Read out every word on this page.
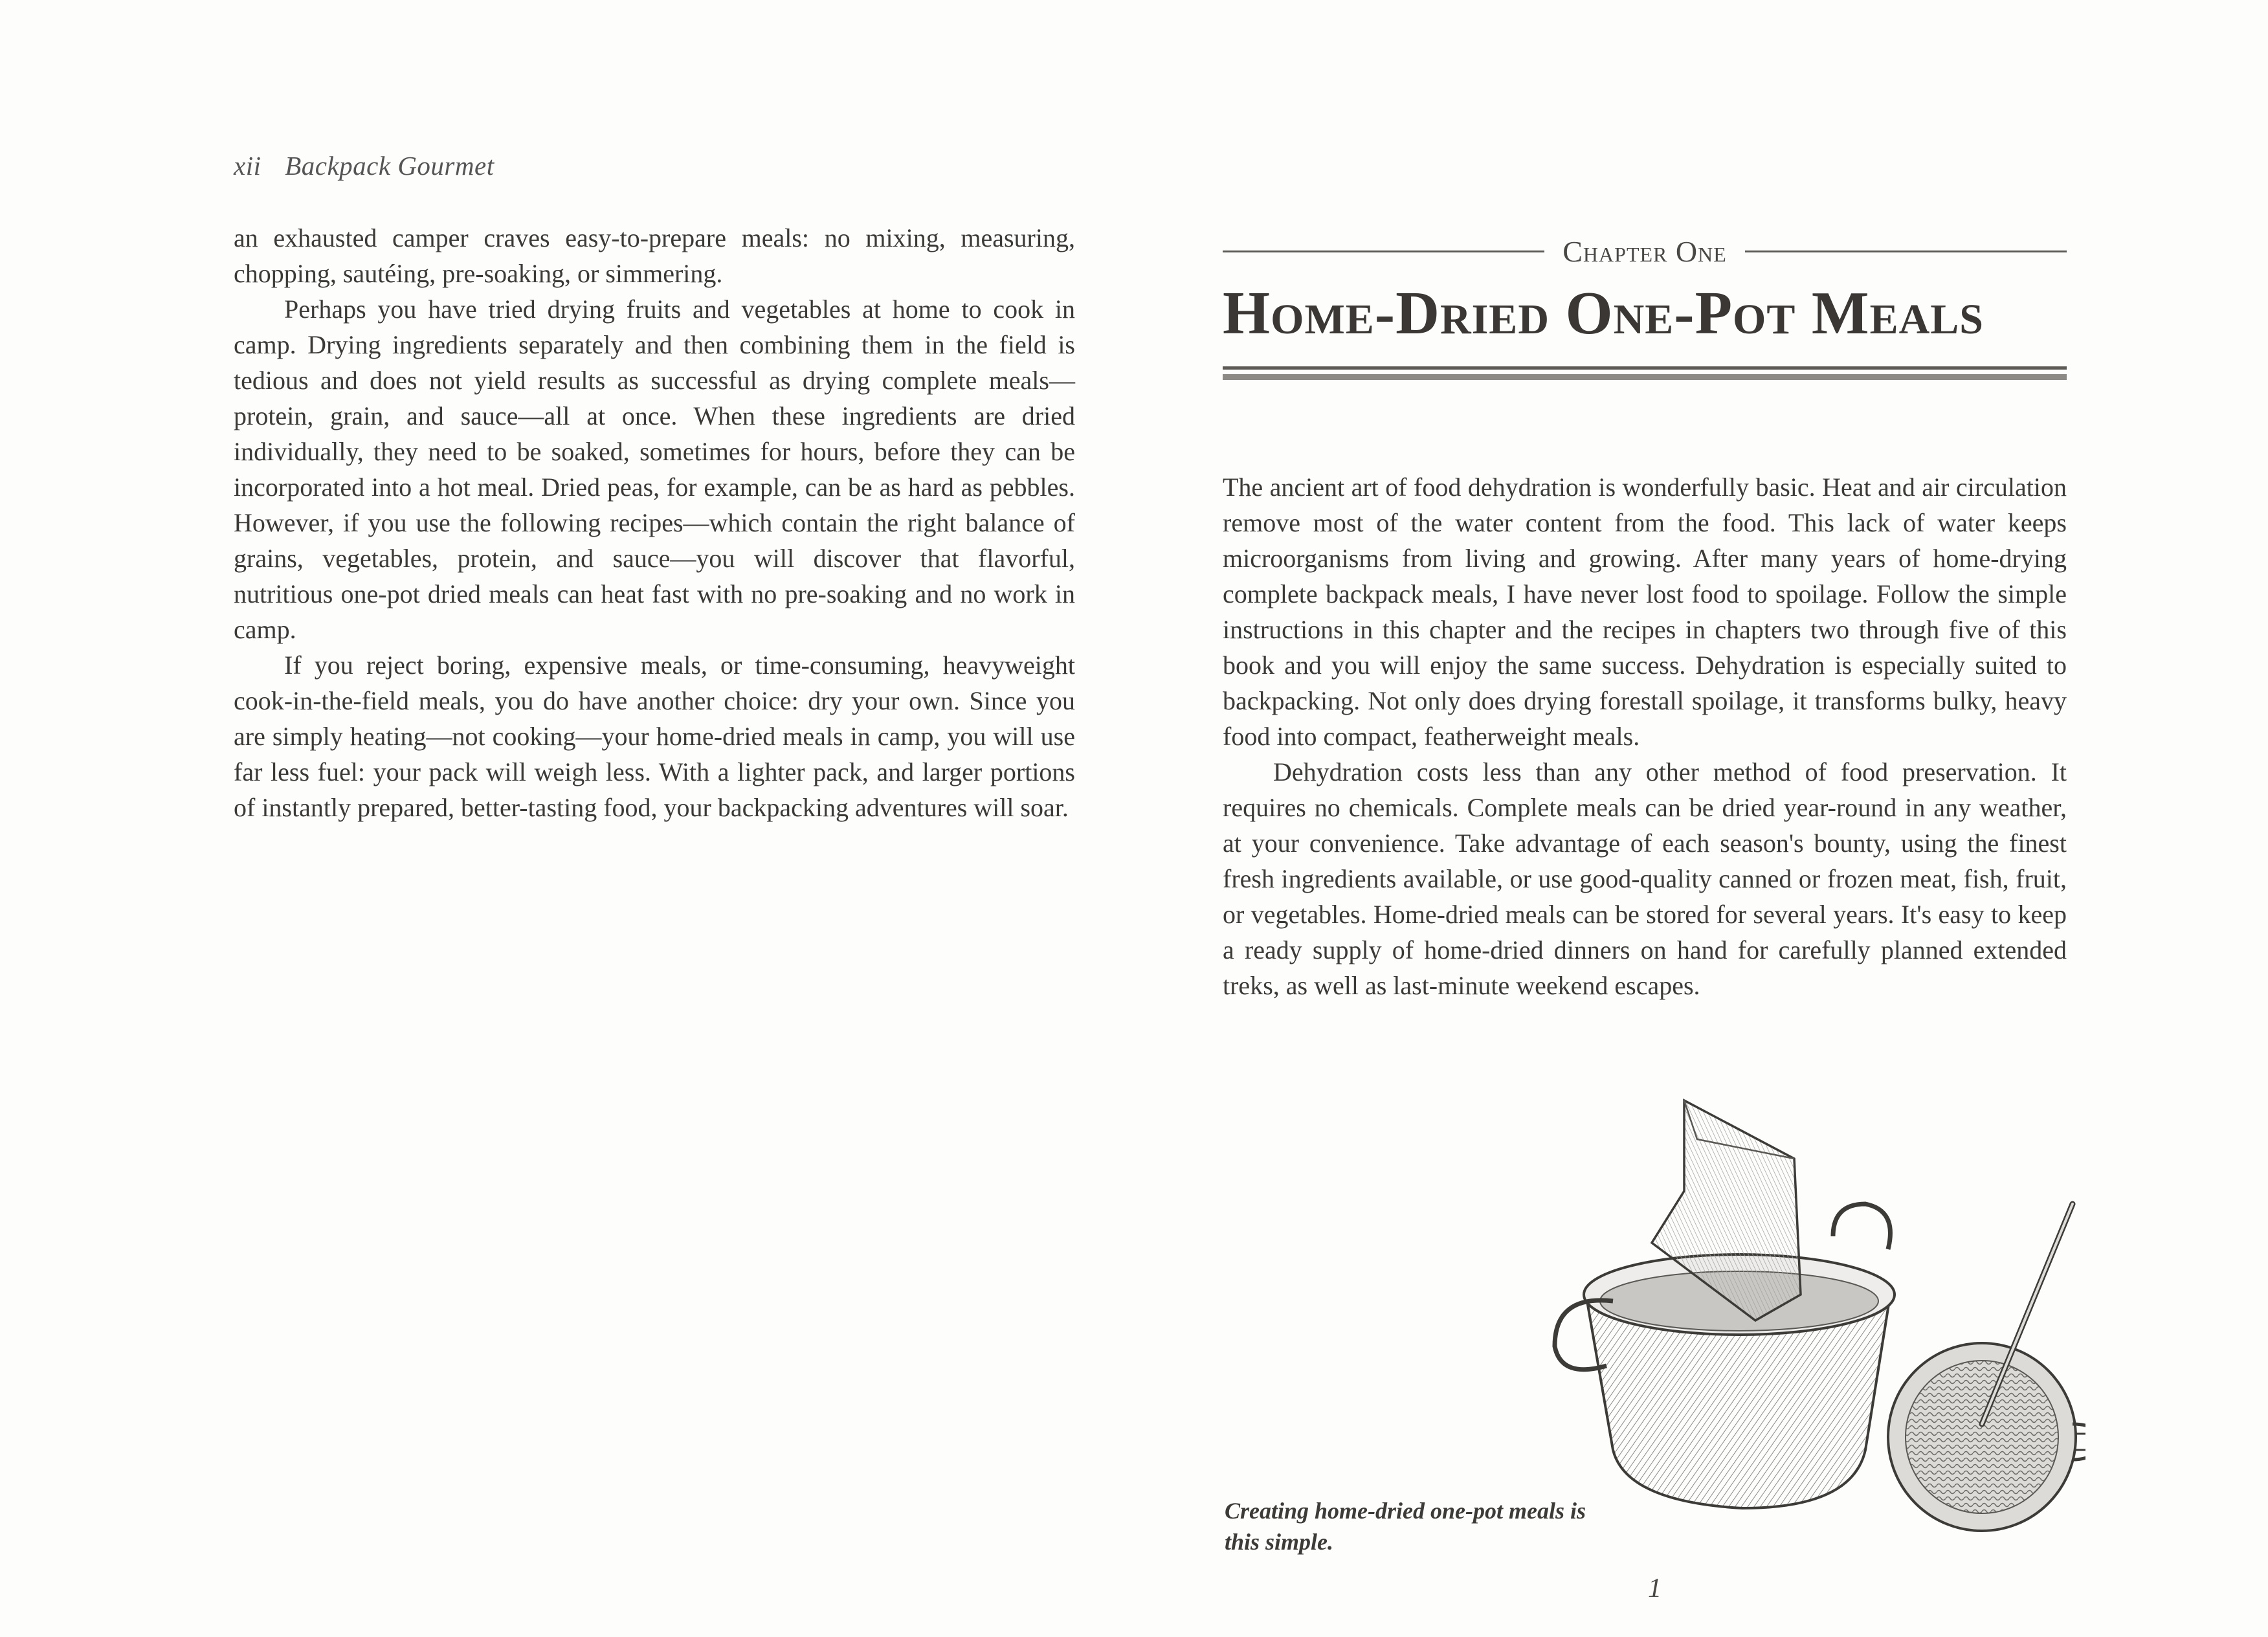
xii Backpack Gourmet

an exhausted camper craves easy-to-prepare meals: no mixing, measuring, chopping, sautéing, pre-soaking, or simmering.

Perhaps you have tried drying fruits and vegetables at home to cook in camp. Drying ingredients separately and then combining them in the field is tedious and does not yield results as successful as drying complete meals—protein, grain, and sauce—all at once. When these ingredients are dried individually, they need to be soaked, sometimes for hours, before they can be incorporated into a hot meal. Dried peas, for example, can be as hard as pebbles. However, if you use the following recipes—which contain the right balance of grains, vegetables, protein, and sauce—you will discover that flavorful, nutritious one-pot dried meals can heat fast with no pre-soaking and no work in camp.

If you reject boring, expensive meals, or time-consuming, heavyweight cook-in-the-field meals, you do have another choice: dry your own. Since you are simply heating—not cooking—your home-dried meals in camp, you will use far less fuel: your pack will weigh less. With a lighter pack, and larger portions of instantly prepared, better-tasting food, your backpacking adventures will soar.

Chapter One
Home-Dried One-Pot Meals

The ancient art of food dehydration is wonderfully basic. Heat and air circulation remove most of the water content from the food. This lack of water keeps microorganisms from living and growing. After many years of home-drying complete backpack meals, I have never lost food to spoilage. Follow the simple instructions in this chapter and the recipes in chapters two through five of this book and you will enjoy the same success. Dehydration is especially suited to backpacking. Not only does drying forestall spoilage, it transforms bulky, heavy food into compact, featherweight meals.

Dehydration costs less than any other method of food preservation. It requires no chemicals. Complete meals can be dried year-round in any weather, at your convenience. Take advantage of each season's bounty, using the finest fresh ingredients available, or use good-quality canned or frozen meat, fish, fruit, or vegetables. Home-dried meals can be stored for several years. It's easy to keep a ready supply of home-dried dinners on hand for carefully planned extended treks, as well as last-minute weekend escapes.

Creating home-dried one-pot meals is this simple.
1
